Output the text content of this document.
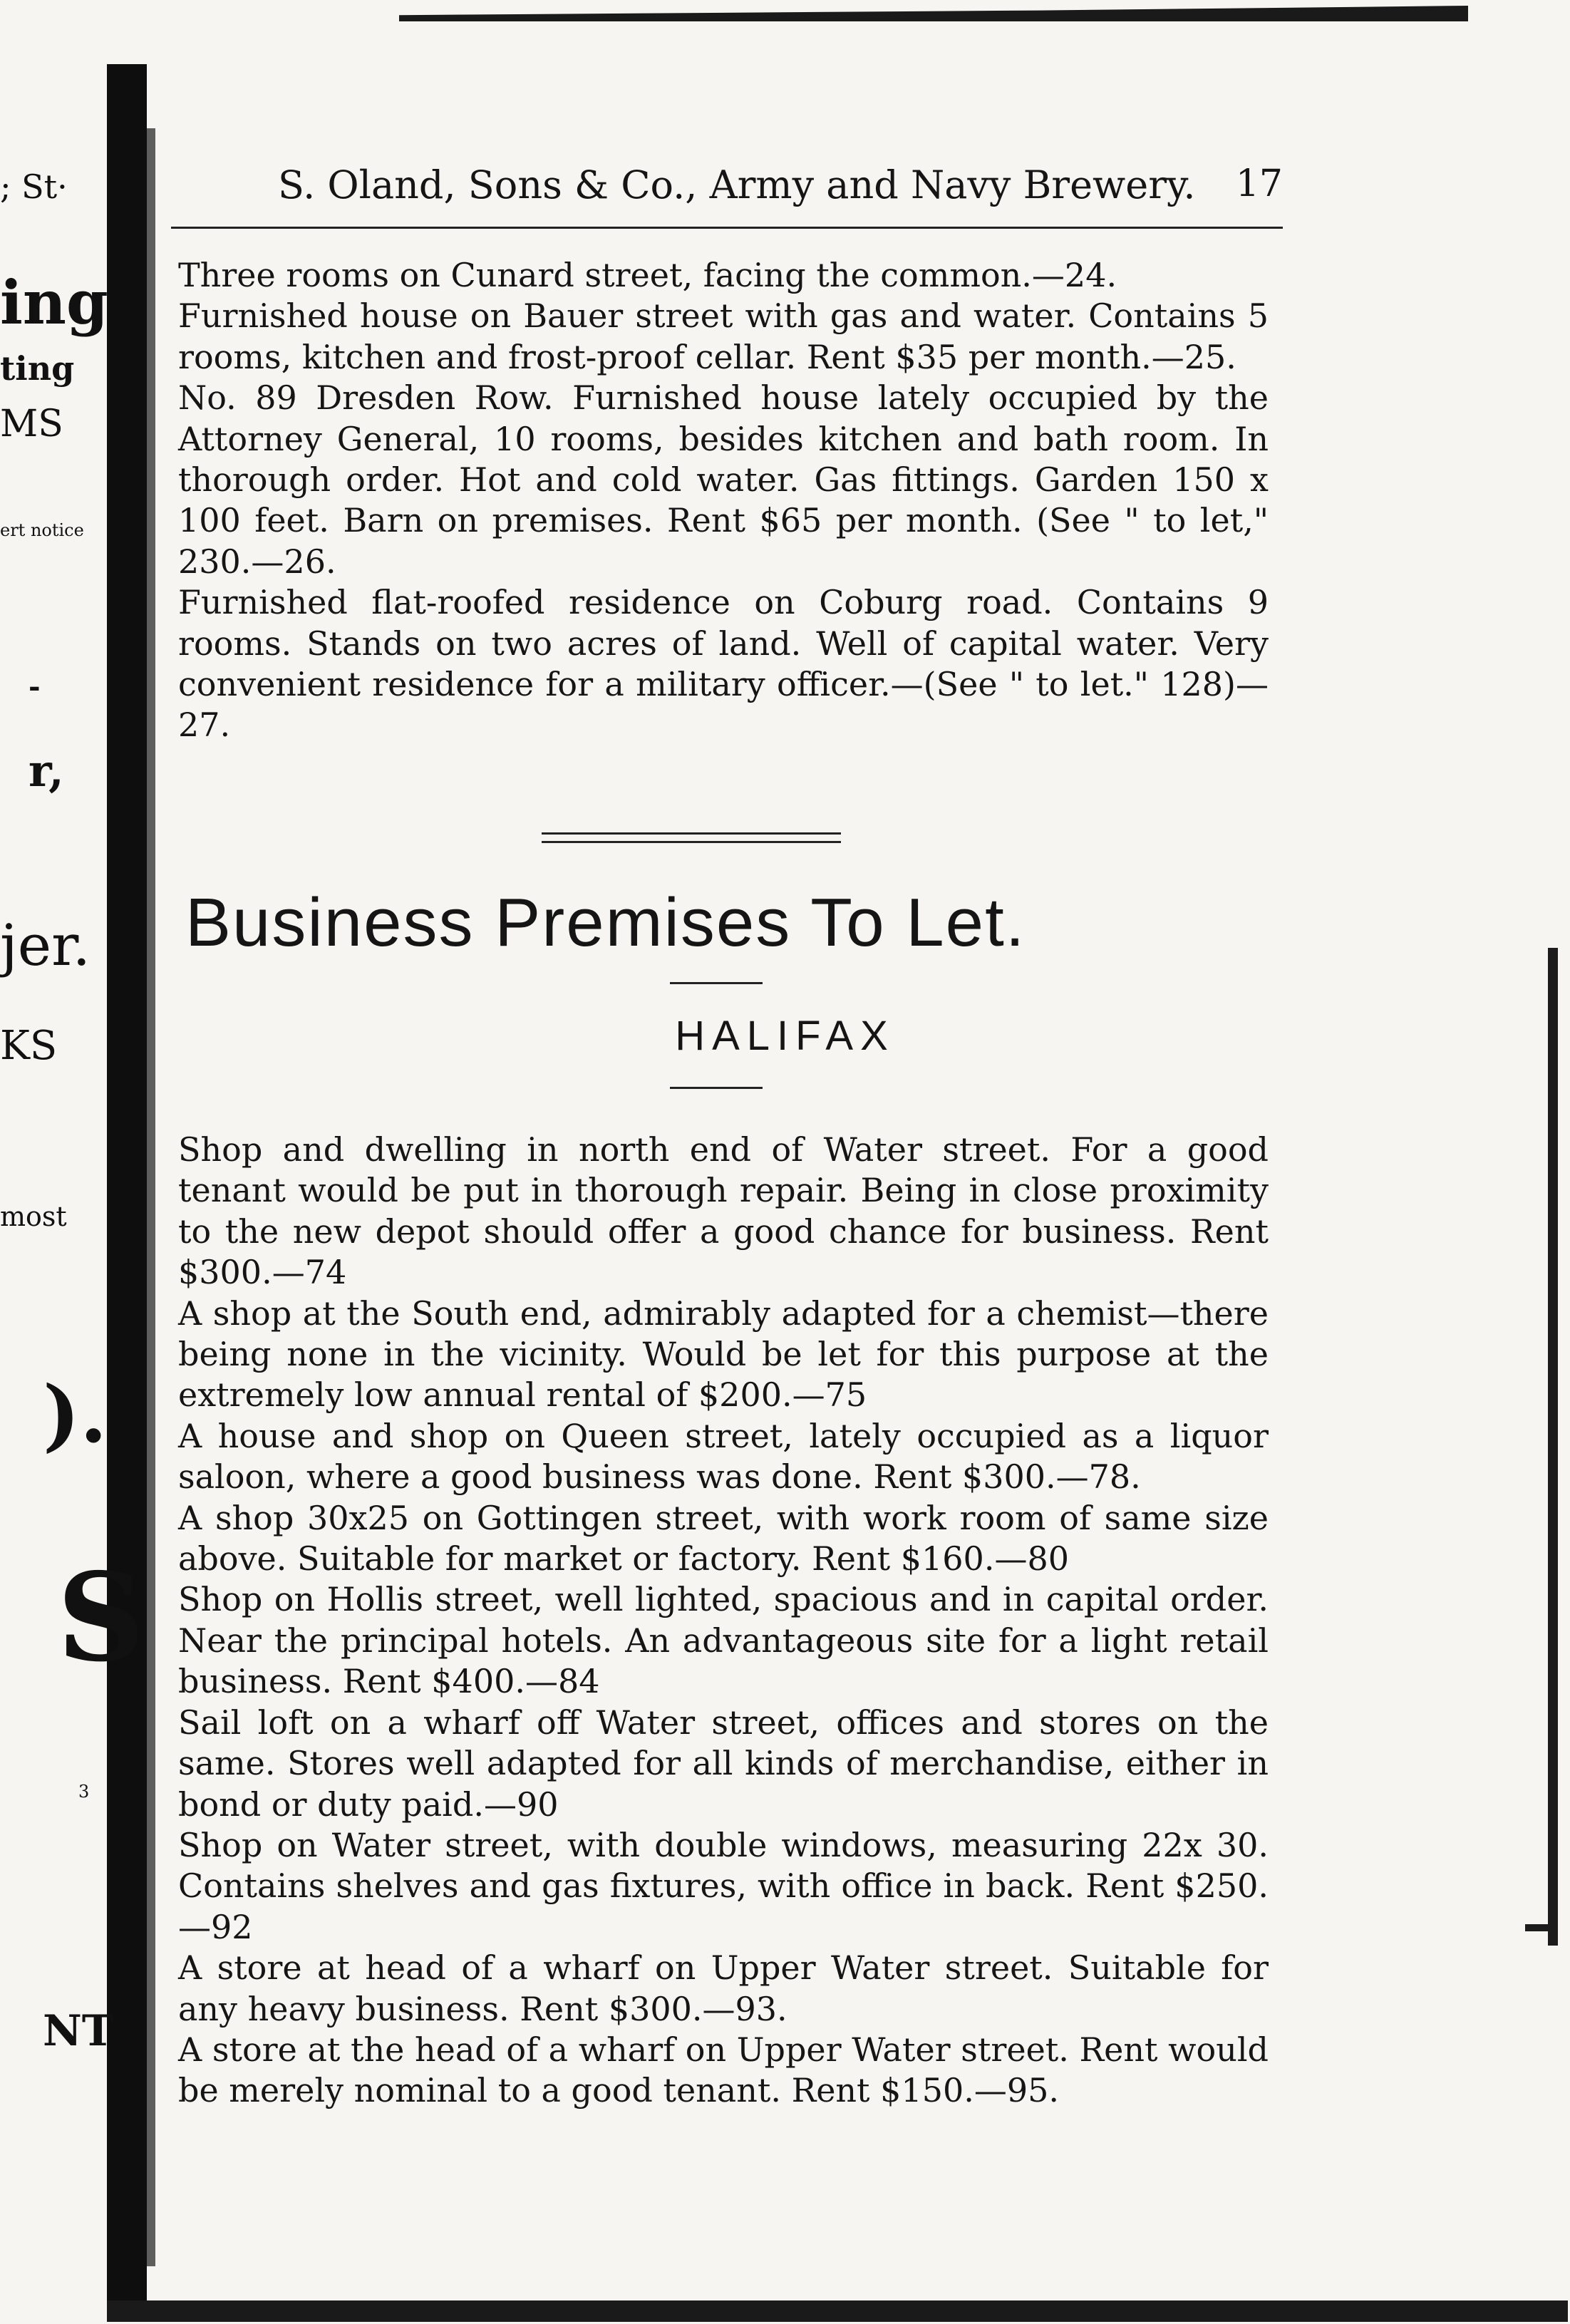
; St·
ing
ting
MS
ert notice
-
r,
jer.
KS
most
).
S
3
NT
S. Oland, Sons & Co., Army and Navy Brewery. 17

Three rooms on Cunard street, facing the common.—24.

Furnished house on Bauer street with gas and water. Contains 5 rooms, kitchen and frost-proof cellar. Rent $35 per month.—25.

No. 89 Dresden Row. Furnished house lately occupied by the Attorney General, 10 rooms, besides kitchen and bath room. In thorough order. Hot and cold water. Gas fittings. Garden 150 x 100 feet. Barn on premises. Rent $65 per month. (See " to let," 230.—26.

Furnished flat-roofed residence on Coburg road. Contains 9 rooms. Stands on two acres of land. Well of capital water. Very convenient residence for a military officer.—(See " to let." 128)—27.

Business Premises To Let.
HALIFAX

Shop and dwelling in north end of Water street. For a good tenant would be put in thorough repair. Being in close proximity to the new depot should offer a good chance for business. Rent $300.—74

A shop at the South end, admirably adapted for a chemist—there being none in the vicinity. Would be let for this purpose at the extremely low annual rental of $200.—75

A house and shop on Queen street, lately occupied as a liquor saloon, where a good business was done. Rent $300.—78.

A shop 30x25 on Gottingen street, with work room of same size above. Suitable for market or factory. Rent $160.—80

Shop on Hollis street, well lighted, spacious and in capital order. Near the principal hotels. An advantageous site for a light retail business. Rent $400.—84

Sail loft on a wharf off Water street, offices and stores on the same. Stores well adapted for all kinds of merchandise, either in bond or duty paid.—90

Shop on Water street, with double windows, measuring 22x 30. Contains shelves and gas fixtures, with office in back. Rent $250.—92

A store at head of a wharf on Upper Water street. Suitable for any heavy business. Rent $300.—93.

A store at the head of a wharf on Upper Water street. Rent would be merely nominal to a good tenant. Rent $150.—95.
